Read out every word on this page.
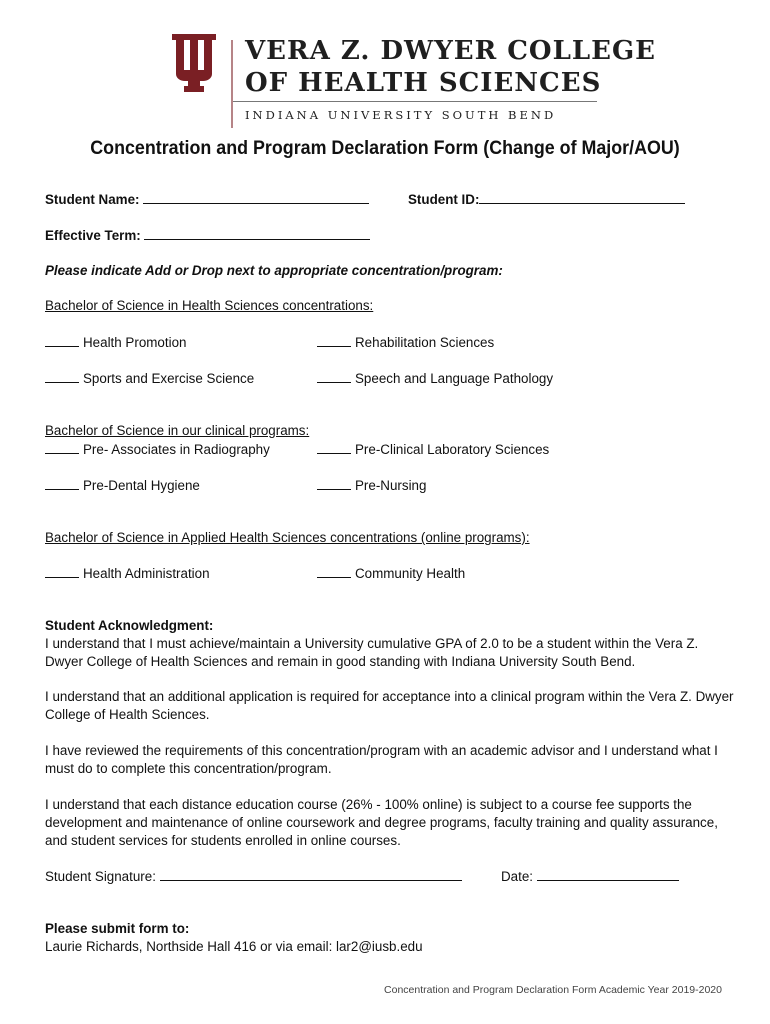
VERA Z. DWYER COLLEGE
OF HEALTH SCIENCES
INDIANA UNIVERSITY SOUTH BEND
Concentration and Program Declaration Form (Change of Major/AOU)
Student Name:	Student ID:
Effective Term:
Please indicate Add or Drop next to appropriate concentration/program:
Bachelor of Science in Health Sciences concentrations:
Health Promotion	Rehabilitation Sciences
Sports and Exercise Science	Speech and Language Pathology
Bachelor of Science in our clinical programs:
Pre- Associates in Radiography	Pre-Clinical Laboratory Sciences
Pre-Dental Hygiene	Pre-Nursing
Bachelor of Science in Applied Health Sciences concentrations (online programs):
Health Administration	Community Health
Student Acknowledgment:
I understand that I must achieve/maintain a University cumulative GPA of 2.0 to be a student within the Vera Z. Dwyer College of Health Sciences and remain in good standing with Indiana University South Bend.
I understand that an additional application is required for acceptance into a clinical program within the Vera Z. Dwyer College of Health Sciences.
I have reviewed the requirements of this concentration/program with an academic advisor and I understand what I must do to complete this concentration/program.
I understand that each distance education course (26% - 100% online) is subject to a course fee supports the development and maintenance of online coursework and degree programs, faculty training and quality assurance, and student services for students enrolled in online courses.
Student Signature:	Date:
Please submit form to:
Laurie Richards, Northside Hall 416 or via email: lar2@iusb.edu
Concentration and Program Declaration Form Academic Year 2019-2020
